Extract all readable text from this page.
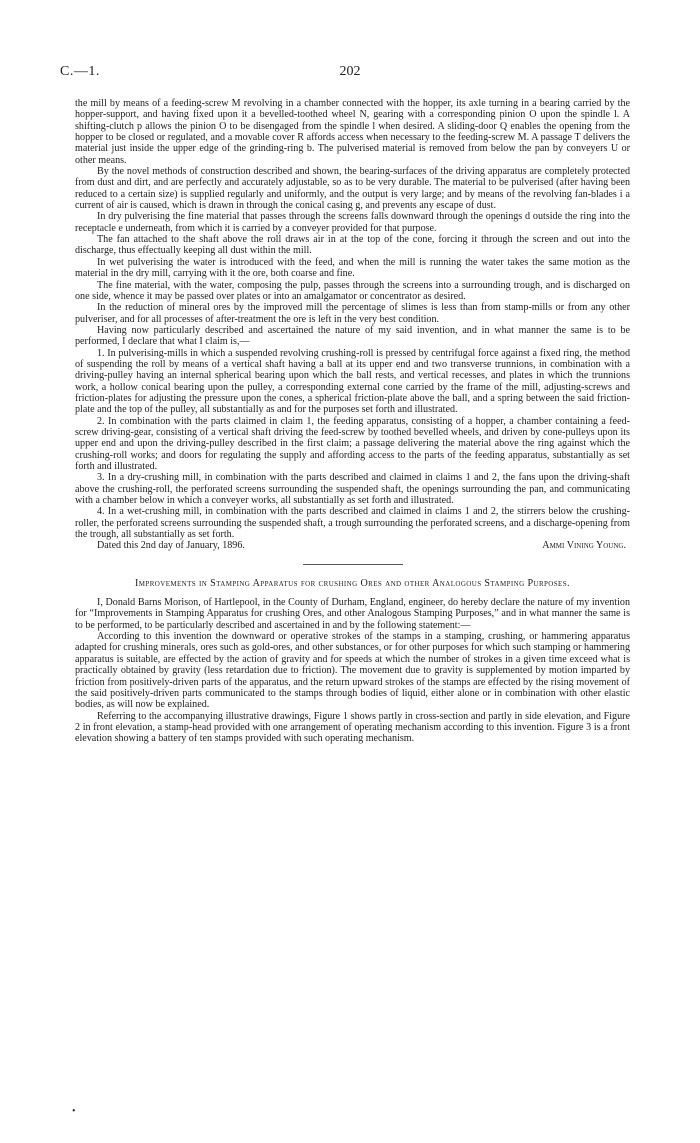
C.—1.	202

the mill by means of a feeding-screw M revolving in a chamber connected with the hopper, its axle turning in a bearing carried by the hopper-support, and having fixed upon it a bevelled-toothed wheel N, gearing with a corresponding pinion O upon the spindle l. A shifting-clutch p allows the pinion O to be disengaged from the spindle l when desired. A sliding-door Q enables the opening from the hopper to be closed or regulated, and a movable cover R affords access when necessary to the feeding-screw M. A passage T delivers the material just inside the upper edge of the grinding-ring b. The pulverised material is removed from below the pan by conveyers U or other means.

By the novel methods of construction described and shown, the bearing-surfaces of the driving apparatus are completely protected from dust and dirt, and are perfectly and accurately adjustable, so as to be very durable. The material to be pulverised (after having been reduced to a certain size) is supplied regularly and uniformly, and the output is very large; and by means of the revolving fan-blades i a current of air is caused, which is drawn in through the conical casing g, and prevents any escape of dust.

In dry pulverising the fine material that passes through the screens falls downward through the openings d outside the ring into the receptacle e underneath, from which it is carried by a conveyer provided for that purpose.

The fan attached to the shaft above the roll draws air in at the top of the cone, forcing it through the screen and out into the discharge, thus effectually keeping all dust within the mill.

In wet pulverising the water is introduced with the feed, and when the mill is running the water takes the same motion as the material in the dry mill, carrying with it the ore, both coarse and fine.

The fine material, with the water, composing the pulp, passes through the screens into a surrounding trough, and is discharged on one side, whence it may be passed over plates or into an amalgamator or concentrator as desired.

In the reduction of mineral ores by the improved mill the percentage of slimes is less than from stamp-mills or from any other pulveriser, and for all processes of after-treatment the ore is left in the very best condition.

Having now particularly described and ascertained the nature of my said invention, and in what manner the same is to be performed, I declare that what I claim is,—

1. In pulverising-mills in which a suspended revolving crushing-roll is pressed by centrifugal force against a fixed ring, the method of suspending the roll by means of a vertical shaft having a ball at its upper end and two transverse trunnions, in combination with a driving-pulley having an internal spherical bearing upon which the ball rests, and vertical recesses, and plates in which the trunnions work, a hollow conical bearing upon the pulley, a corresponding external cone carried by the frame of the mill, adjusting-screws and friction-plates for adjusting the pressure upon the cones, a spherical friction-plate above the ball, and a spring between the said friction-plate and the top of the pulley, all substantially as and for the purposes set forth and illustrated.

2. In combination with the parts claimed in claim 1, the feeding apparatus, consisting of a hopper, a chamber containing a feed-screw driving-gear, consisting of a vertical shaft driving the feed-screw by toothed bevelled wheels, and driven by cone-pulleys upon its upper end and upon the driving-pulley described in the first claim; a passage delivering the material above the ring against which the crushing-roll works; and doors for regulating the supply and affording access to the parts of the feeding apparatus, substantially as set forth and illustrated.

3. In a dry-crushing mill, in combination with the parts described and claimed in claims 1 and 2, the fans upon the driving-shaft above the crushing-roll, the perforated screens surrounding the suspended shaft, the openings surrounding the pan, and communicating with a chamber below in which a conveyer works, all substantially as set forth and illustrated.

4. In a wet-crushing mill, in combination with the parts described and claimed in claims 1 and 2, the stirrers below the crushing-roller, the perforated screens surrounding the suspended shaft, a trough surrounding the perforated screens, and a discharge-opening from the trough, all substantially as set forth.

Dated this 2nd day of January, 1896.	Ammi Vining Young.

Improvements in Stamping Apparatus for crushing Ores and other Analogous Stamping Purposes.

I, Donald Barns Morison, of Hartlepool, in the County of Durham, England, engineer, do hereby declare the nature of my invention for “Improvements in Stamping Apparatus for crushing Ores, and other Analogous Stamping Purposes,” and in what manner the same is to be performed, to be particularly described and ascertained in and by the following statement:—

According to this invention the downward or operative strokes of the stamps in a stamping, crushing, or hammering apparatus adapted for crushing minerals, ores such as gold-ores, and other substances, or for other purposes for which such stamping or hammering apparatus is suitable, are effected by the action of gravity and for speeds at which the number of strokes in a given time exceed what is practically obtained by gravity (less retardation due to friction). The movement due to gravity is supplemented by motion imparted by friction from positively-driven parts of the apparatus, and the return upward strokes of the stamps are effected by the rising movement of the said positively-driven parts communicated to the stamps through bodies of liquid, either alone or in combination with other elastic bodies, as will now be explained.

Referring to the accompanying illustrative drawings, Figure 1 shows partly in cross-section and partly in side elevation, and Figure 2 in front elevation, a stamp-head provided with one arrangement of operating mechanism according to this invention. Figure 3 is a front elevation showing a battery of ten stamps provided with such operating mechanism.

•
